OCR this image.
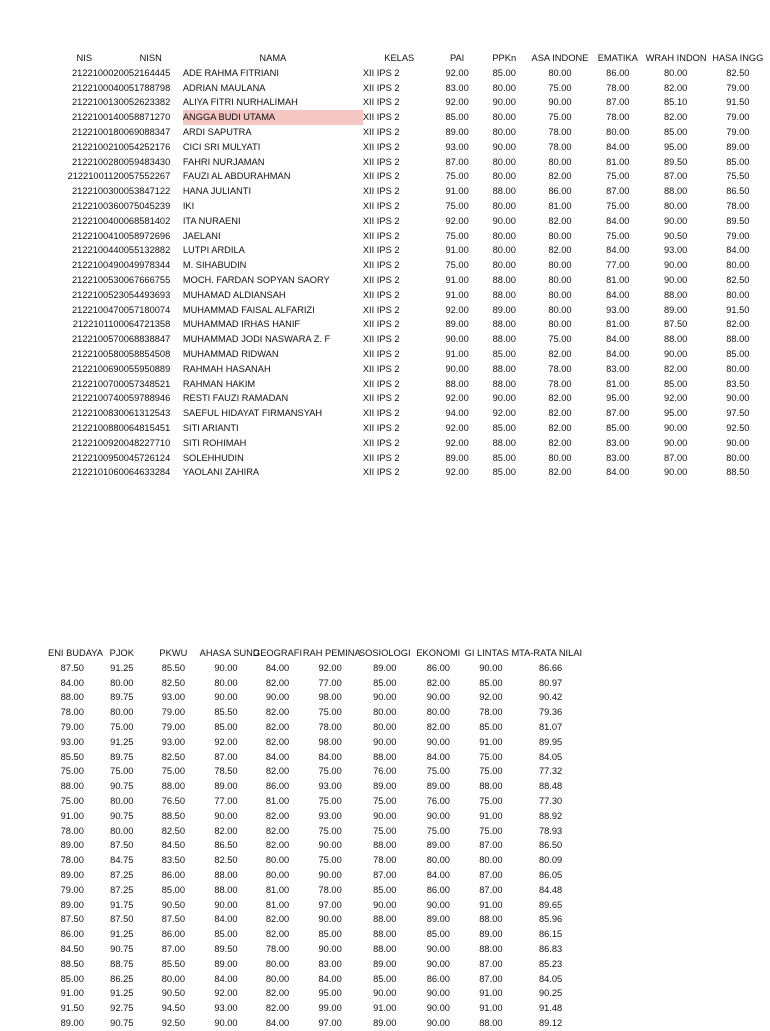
NIS	NISN	NAMA	KELAS	PAI	PPKn	ASA INDONE	EMATIKA	WRAH INDON	HASA INGG
212210002	0052164445	ADE RAHMA FITRIANI	XII IPS 2	92.00	85.00	80.00	86.00	80.00	82.50
212210004	0051788798	ADRIAN MAULANA	XII IPS 2	83.00	80.00	75.00	78.00	82.00	79.00
212210013	0052623382	ALIYA FITRI NURHALIMAH	XII IPS 2	92.00	90.00	90.00	87.00	85.10	91.50
212210014	0058871270	ANGGA BUDI UTAMA	XII IPS 2	85.00	80.00	75.00	78.00	82.00	79.00
212210018	0069088347	ARDI SAPUTRA	XII IPS 2	89.00	80.00	78.00	80.00	85.00	79.00
212210021	0054252176	CICI SRI MULYATI	XII IPS 2	93.00	90.00	78.00	84.00	95.00	89.00
212210028	0059483430	FAHRI NURJAMAN	XII IPS 2	87.00	80.00	80.00	81.00	89.50	85.00
2122100112	0057552267	FAUZI AL ABDURAHMAN	XII IPS 2	75.00	80.00	82.00	75.00	87.00	75.50
212210030	0053847122	HANA JULIANTI	XII IPS 2	91.00	88.00	86.00	87.00	88.00	86.50
212210036	0075045239	IKI	XII IPS 2	75.00	80.00	81.00	75.00	80.00	78.00
212210040	0068581402	ITA NURAENI	XII IPS 2	92.00	90.00	82.00	84.00	90.00	89.50
212210041	0058972696	JAELANI	XII IPS 2	75.00	80.00	80.00	75.00	90.50	79.00
212210044	0055132882	LUTPI ARDILA	XII IPS 2	91.00	80.00	82.00	84.00	93.00	84.00
212210049	0049978344	M. SIHABUDIN	XII IPS 2	75.00	80.00	80.00	77.00	90.00	80.00
212210053	0067666755	MOCH. FARDAN SOPYAN SAORY	XII IPS 2	91.00	88.00	80.00	81.00	90.00	82.50
212210052	3054493693	MUHAMAD ALDIANSAH	XII IPS 2	91.00	88.00	80.00	84.00	88.00	80.00
212210047	0057180074	MUHAMMAD FAISAL ALFARIZI	XII IPS 2	92.00	89.00	80.00	93.00	89.00	91.50
212210110	0064721358	MUHAMMAD IRHAS HANIF	XII IPS 2	89.00	88.00	80.00	81.00	87.50	82.00
212210057	0068838847	MUHAMMAD JODI NASWARA Z. F	XII IPS 2	90.00	88.00	75.00	84.00	88.00	88.00
212210058	0058854508	MUHAMMAD RIDWAN	XII IPS 2	91.00	85.00	82.00	84.00	90.00	85.00
212210069	0055950889	RAHMAH HASANAH	XII IPS 2	90.00	88.00	78.00	83.00	82.00	80.00
212210070	0057348521	RAHMAN HAKIM	XII IPS 2	88.00	88.00	78.00	81.00	85.00	83.50
212210074	0059788946	RESTI FAUZI RAMADAN	XII IPS 2	92.00	90.00	82.00	95.00	92.00	90.00
212210083	0061312543	SAEFUL HIDAYAT FIRMANSYAH	XII IPS 2	94.00	92.00	82.00	87.00	95.00	97.50
212210088	0064815451	SITI ARIANTI	XII IPS 2	92.00	85.00	82.00	85.00	90.00	92.50
212210092	0048227710	SITI ROHIMAH	XII IPS 2	92.00	88.00	82.00	83.00	90.00	90.00
212210095	0045726124	SOLEHHUDIN	XII IPS 2	89.00	85.00	80.00	83.00	87.00	80.00
212210106	0064633284	YAOLANI ZAHIRA	XII IPS 2	92.00	85.00	82.00	84.00	90.00	88.50
ENI BUDAYA	PJOK	PKWU	AHASA SUND	GEOGRAFI	RAH PEMINA	SOSIOLOGI	EKONOMI	GI LINTAS M	TA-RATA NILAI
87.50	91.25	85.50	90.00	84.00	92.00	89.00	86.00	90.00	86.66
84.00	80.00	82.50	80.00	82.00	77.00	85.00	82.00	85.00	80.97
88.00	89.75	93.00	90.00	90.00	98.00	90.00	90.00	92.00	90.42
78.00	80.00	79.00	85.50	82.00	75.00	80.00	80.00	78.00	79.36
79.00	75.00	79.00	85.00	82.00	78.00	80.00	82.00	85.00	81.07
93.00	91.25	93.00	92.00	82.00	98.00	90.00	90.00	91.00	89.95
85.50	89.75	82.50	87.00	84.00	84.00	88.00	84.00	75.00	84.05
75.00	75.00	75.00	78.50	82.00	75.00	76.00	75.00	75.00	77.32
88.00	90.75	88.00	89.00	86.00	93.00	89.00	89.00	88.00	88.48
75.00	80.00	76.50	77.00	81.00	75.00	75.00	76.00	75.00	77.30
91.00	90.75	88.50	90.00	82.00	93.00	90.00	90.00	91.00	88.92
78.00	80.00	82.50	82.00	82.00	75.00	75.00	75.00	75.00	78.93
89.00	87.50	84.50	86.50	82.00	90.00	88.00	89.00	87.00	86.50
78.00	84.75	83.50	82.50	80.00	75.00	78.00	80.00	80.00	80.09
89.00	87.25	86.00	88.00	80.00	90.00	87.00	84.00	87.00	86.05
79.00	87.25	85.00	88.00	81.00	78.00	85.00	86.00	87.00	84.48
89.00	91.75	90.50	90.00	81.00	97.00	90.00	90.00	91.00	89.65
87.50	87.50	87.50	84.00	82.00	90.00	88.00	89.00	88.00	85.96
86.00	91.25	86.00	85.00	82.00	85.00	88.00	85.00	89.00	86.15
84.50	90.75	87.00	89.50	78.00	90.00	88.00	90.00	88.00	86.83
88.50	88.75	85.50	89.00	80.00	83.00	89.00	90.00	87.00	85.23
85.00	86.25	80.00	84.00	80.00	84.00	85.00	86.00	87.00	84.05
91.00	91.25	90.50	92.00	82.00	95.00	90.00	90.00	91.00	90.25
91.50	92.75	94.50	93.00	82.00	99.00	91.00	90.00	91.00	91.48
89.00	90.75	92.50	90.00	84.00	97.00	89.00	90.00	88.00	89.12
